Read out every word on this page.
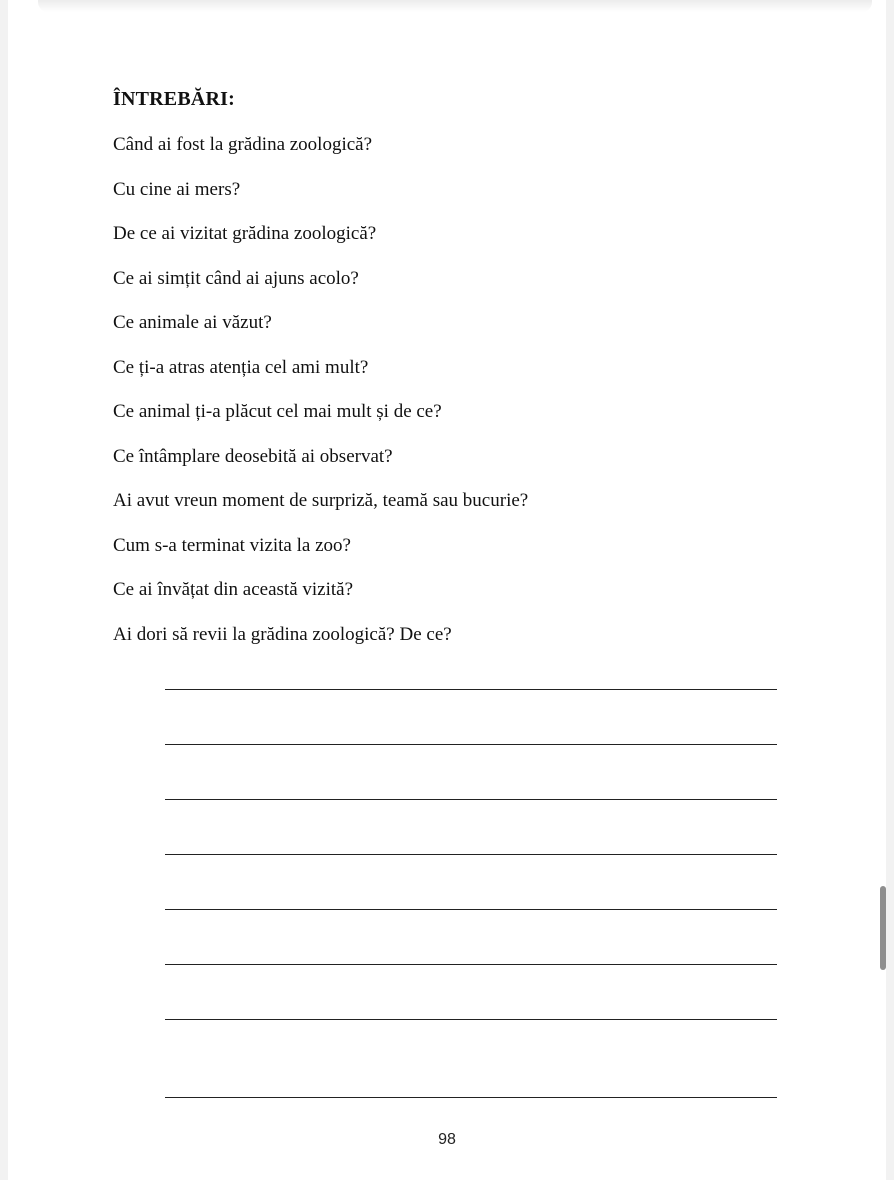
ÎNTREBĂRI:
Când ai fost la grădina zoologică?
Cu cine ai mers?
De ce ai vizitat grădina zoologică?
Ce ai simțit când ai ajuns acolo?
Ce animale ai văzut?
Ce ți-a atras atenția cel ami mult?
Ce animal ți-a plăcut cel mai mult și de ce?
Ce întâmplare deosebită ai observat?
Ai avut vreun moment de surpriză, teamă sau bucurie?
Cum s-a terminat vizita la zoo?
Ce ai învățat din această vizită?
Ai dori să revii la grădina zoologică? De ce?
98
